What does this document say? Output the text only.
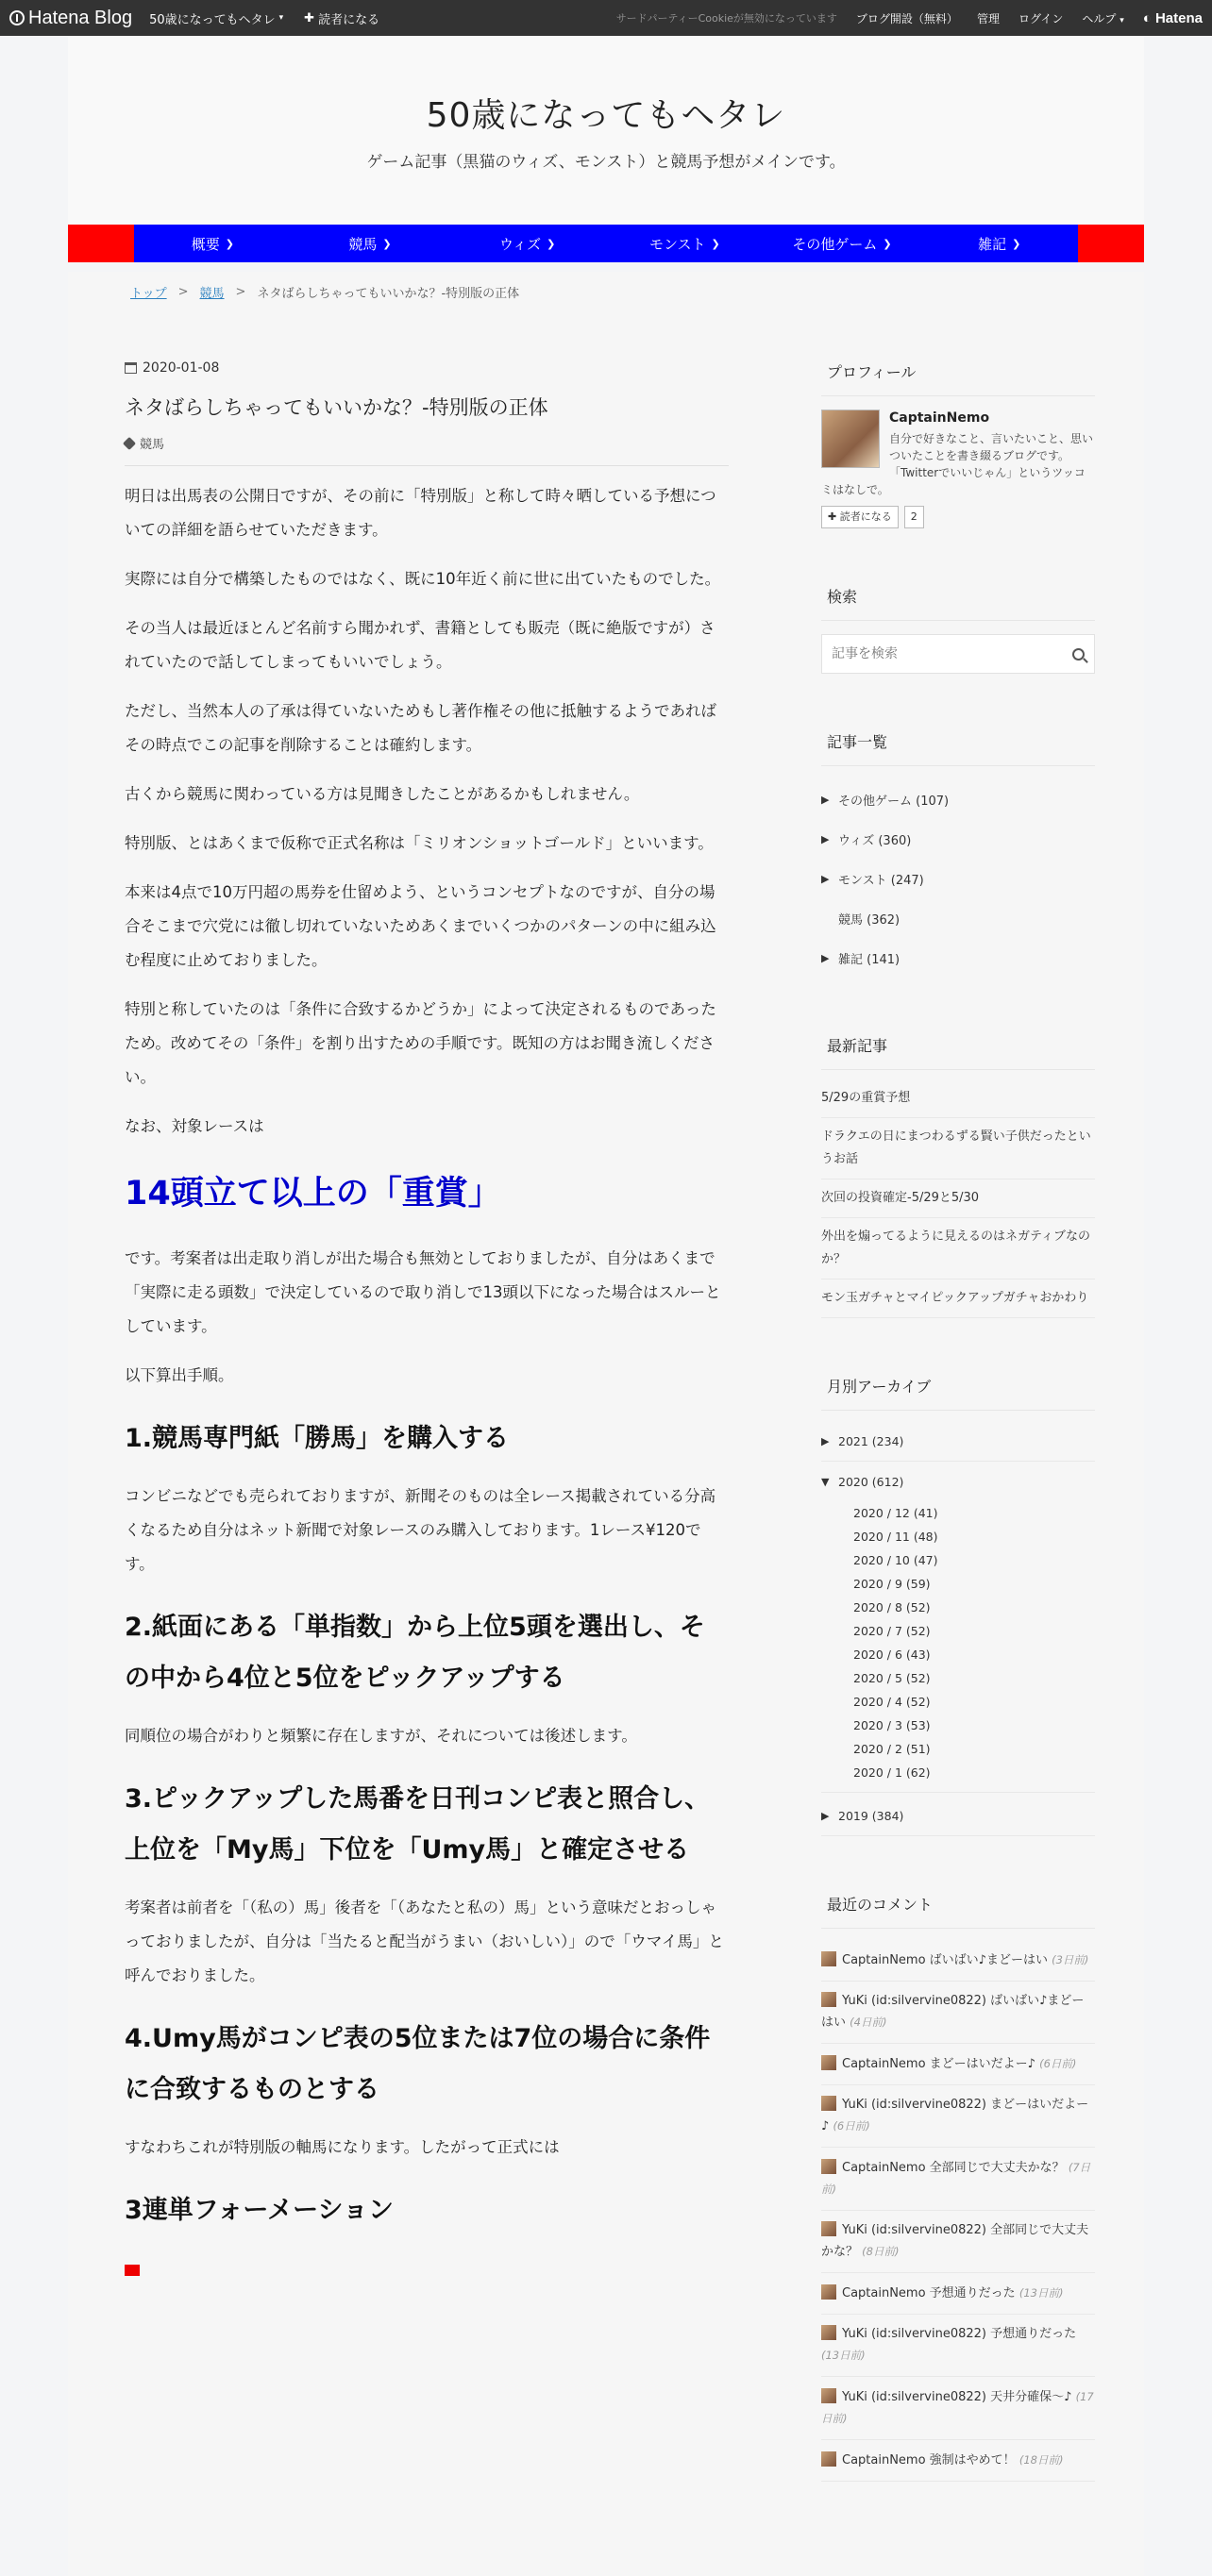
Hatena Blog 50歳になってもヘタレ ▾ ✚ 読者になる	サードパーティーCookieが無効になっています ブログ開設（無料） 管理 ログイン ヘルプ ▾ ◐ Hatena
50歳になってもヘタレ
ゲーム記事（黒猫のウィズ、モンスト）と競馬予想がメインです。
概要 ❯	競馬 ❯	ウィズ ❯	モンスト ❯	その他ゲーム ❯	雑記 ❯
トップ > 競馬 > ネタばらしちゃってもいいかな？-特別版の正体
2020-01-08
ネタばらしちゃってもいいかな？-特別版の正体
競馬

明日は出馬表の公開日ですが、その前に「特別版」と称して時々晒している予想についての詳細を語らせていただきます。

実際には自分で構築したものではなく、既に10年近く前に世に出ていたものでした。

その当人は最近ほとんど名前すら聞かれず、書籍としても販売（既に絶版ですが）されていたので話してしまってもいいでしょう。

ただし、当然本人の了承は得ていないためもし著作権その他に抵触するようであればその時点でこの記事を削除することは確約します。

古くから競馬に関わっている方は見聞きしたことがあるかもしれません。

特別版、とはあくまで仮称で正式名称は「ミリオンショットゴールド」といいます。

本来は4点で10万円超の馬券を仕留めよう、というコンセプトなのですが、自分の場合そこまで穴党には徹し切れていないためあくまでいくつかのパターンの中に組み込む程度に止めておりました。

特別と称していたのは「条件に合致するかどうか」によって決定されるものであったため。改めてその「条件」を割り出すための手順です。既知の方はお聞き流しください。

なお、対象レースは

14頭立て以上の「重賞」

です。考案者は出走取り消しが出た場合も無効としておりましたが、自分はあくまで「実際に走る頭数」で決定しているので取り消しで13頭以下になった場合はスルーとしています。

以下算出手順。

1.競馬専門紙「勝馬」を購入する

コンビニなどでも売られておりますが、新聞そのものは全レース掲載されている分高くなるため自分はネット新聞で対象レースのみ購入しております。1レース¥120です。

2.紙面にある「単指数」から上位5頭を選出し、その中から4位と5位をピックアップする

同順位の場合がわりと頻繁に存在しますが、それについては後述します。

3.ピックアップした馬番を日刊コンピ表と照合し、上位を「My馬」下位を「Umy馬」と確定させる

考案者は前者を「（私の）馬」後者を「（あなたと私の）馬」という意味だとおっしゃっておりましたが、自分は「当たると配当がうまい（おいしい）」ので「ウマイ馬」と呼んでおりました。

4.Umy馬がコンピ表の5位または7位の場合に条件に合致するものとする

すなわちこれが特別版の軸馬になります。したがって正式には

3連単フォーメーション
プロフィール
CaptainNemo
自分で好きなこと、言いたいこと、思いついたことを書き綴るブログです。「Twitterでいいじゃん」というツッコミはなしで。
✚ 読者になる	2
検索
記事を検索
記事一覧
▶ その他ゲーム (107)
▶ ウィズ (360)
▶ モンスト (247)
競馬 (362)
▶ 雑記 (141)
最新記事
5/29の重賞予想
ドラクエの日にまつわるずる賢い子供だったというお話
次回の投資確定-5/29と5/30
外出を煽ってるように見えるのはネガティブなのか？
モン玉ガチャとマイピックアップガチャおかわり
月別アーカイブ
▶ 2021 (234)
▼ 2020 (612)
2020 / 12 (41)
2020 / 11 (48)
2020 / 10 (47)
2020 / 9 (59)
2020 / 8 (52)
2020 / 7 (52)
2020 / 6 (43)
2020 / 5 (52)
2020 / 4 (52)
2020 / 3 (53)
2020 / 2 (51)
2020 / 1 (62)
▶ 2019 (384)
最近のコメント
CaptainNemo ばいばい♪まどーはい (3日前)
YuKi (id:silvervine0822) ばいばい♪まどーはい (4日前)
CaptainNemo まどーはいだよー♪ (6日前)
YuKi (id:silvervine0822) まどーはいだよー♪ (6日前)
CaptainNemo 全部同じで大丈夫かな？ (7日前)
YuKi (id:silvervine0822) 全部同じで大丈夫かな？ (8日前)
CaptainNemo 予想通りだった (13日前)
YuKi (id:silvervine0822) 予想通りだった (13日前)
YuKi (id:silvervine0822) 天井分確保～♪ (17日前)
CaptainNemo 強制はやめて！ (18日前)
